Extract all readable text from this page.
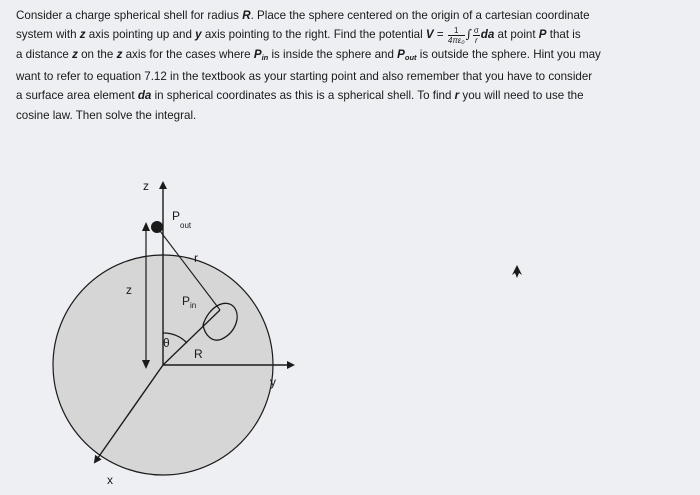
Consider a charge spherical shell for radius R. Place the sphere centered on the origin of a cartesian coordinate

system with z axis pointing up and y axis pointing to the right. Find the potential $V = \frac{1}{\text{4πε₀}}$ ∫ $\frac{\sigma}{r}$ da at point P that is

a distance z on the z axis for the cases where $P_{in}$ is inside the sphere and $P_{out}$ is outside the sphere. Hint you may

want to refer to equation 7.12 in the textbook as your starting point and also remember that you have to consider

a surface area element da in spherical coordinates as this is a spherical shell. To find r you will need to use the

cosine law. Then solve the integral.

z
y
x
P
out
r
z
P in
θ
R
